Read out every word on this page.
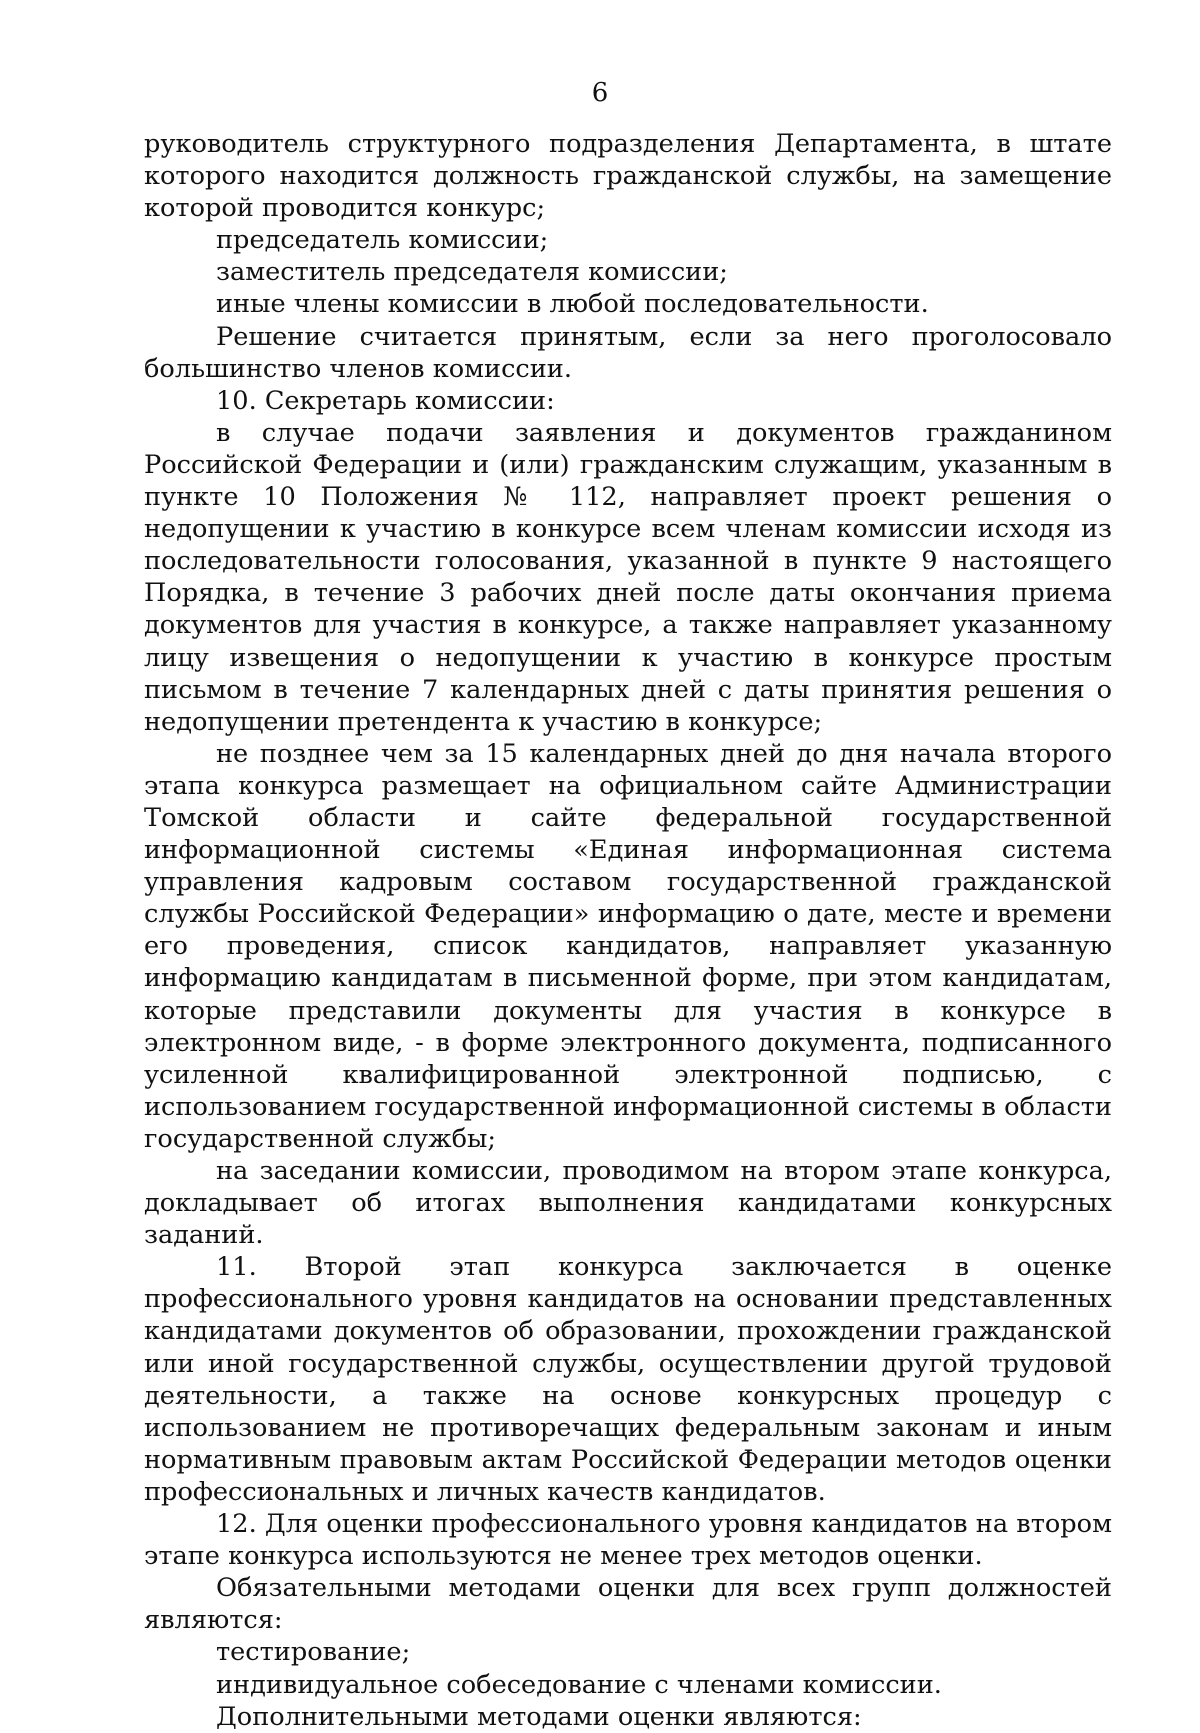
6

руководитель структурного подразделения Департамента, в штате которого находится должность гражданской службы, на замещение которой проводится конкурс;

председатель комиссии;

заместитель председателя комиссии;

иные члены комиссии в любой последовательности.

Решение считается принятым, если за него проголосовало большинство членов комиссии.

10. Секретарь комиссии:

в случае подачи заявления и документов гражданином Российской Федерации и (или) гражданским служащим, указанным в пункте 10 Положения № 112, направляет проект решения о недопущении к участию в конкурсе всем членам комиссии исходя из последовательности голосования, указанной в пункте 9 настоящего Порядка, в течение 3 рабочих дней после даты окончания приема документов для участия в конкурсе, а также направляет указанному лицу извещения о недопущении к участию в конкурсе простым письмом в течение 7 календарных дней с даты принятия решения о недопущении претендента к участию в конкурсе;

не позднее чем за 15 календарных дней до дня начала второго этапа конкурса размещает на официальном сайте Администрации Томской области и сайте федеральной государственной информационной системы «Единая информационная система управления кадровым составом государственной гражданской службы Российской Федерации» информацию о дате, месте и времени его проведения, список кандидатов, направляет указанную информацию кандидатам в письменной форме, при этом кандидатам, которые представили документы для участия в конкурсе в электронном виде, - в форме электронного документа, подписанного усиленной квалифицированной электронной подписью, с использованием государственной информационной системы в области государственной службы;

на заседании комиссии, проводимом на втором этапе конкурса, докладывает об итогах выполнения кандидатами конкурсных заданий.

11. Второй этап конкурса заключается в оценке профессионального уровня кандидатов на основании представленных кандидатами документов об образовании, прохождении гражданской или иной государственной службы, осуществлении другой трудовой деятельности, а также на основе конкурсных процедур с использованием не противоречащих федеральным законам и иным нормативным правовым актам Российской Федерации методов оценки профессиональных и личных качеств кандидатов.

12. Для оценки профессионального уровня кандидатов на втором этапе конкурса используются не менее трех методов оценки.

Обязательными методами оценки для всех групп должностей являются:

тестирование;

индивидуальное собеседование с членами комиссии.

Дополнительными методами оценки являются:
